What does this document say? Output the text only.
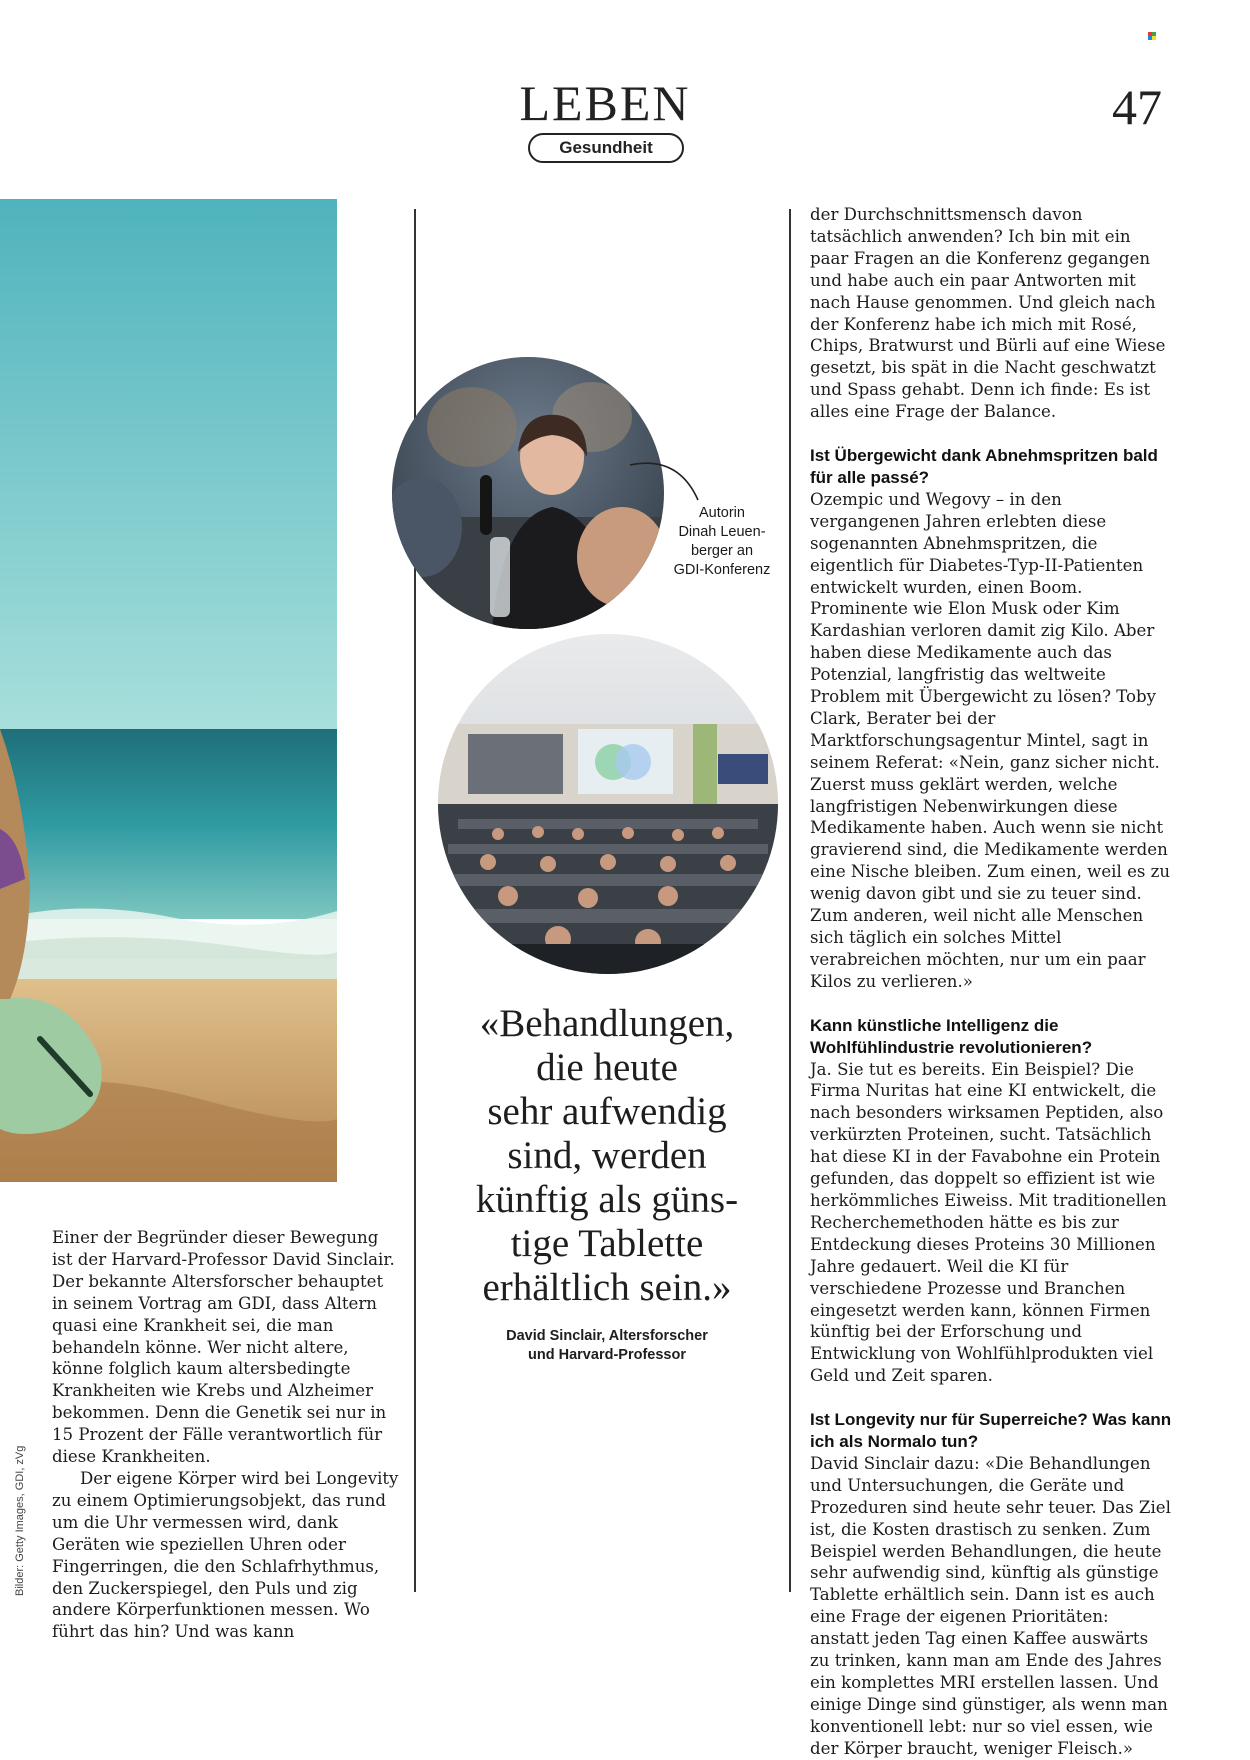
LEBEN
Gesundheit
47
Autorin
Dinah Leuen-
berger an
GDI-Konferenz
«Behandlungen,
die heute
sehr aufwendig
sind, werden
künftig als güns-
tige Tablette
erhältlich sein.»
David Sinclair, Altersforscher
und Harvard-Professor

Einer der Begründer dieser Bewegung ist der Harvard-Professor David Sinclair. Der bekannte Altersforscher behauptet in seinem Vortrag am GDI, dass Altern quasi eine Krankheit sei, die man behandeln könne. Wer nicht altere, könne folglich kaum altersbedingte Krankheiten wie Krebs und Alzheimer bekommen. Denn die Genetik sei nur in 15 Prozent der Fälle verantwortlich für diese Krankheiten.

Der eigene Körper wird bei Longevity zu einem Optimierungsobjekt, das rund um die Uhr vermessen wird, dank Geräten wie speziellen Uhren oder Fingerringen, die den Schlafrhythmus, den Zuckerspiegel, den Puls und zig andere Körperfunktionen messen. Wo führt das hin? Und was kann

Bilder: Getty Images, GDI, zVg

der Durchschnittsmensch davon tatsächlich anwenden? Ich bin mit ein paar Fragen an die Konferenz gegangen und habe auch ein paar Antworten mit nach Hause genommen. Und gleich nach der Konferenz habe ich mich mit Rosé, Chips, Bratwurst und Bürli auf eine Wiese gesetzt, bis spät in die Nacht geschwatzt und Spass gehabt. Denn ich finde: Es ist alles eine Frage der Balance.

Ist Übergewicht dank Abnehmspritzen bald für alle passé?

Ozempic und Wegovy – in den vergangenen Jahren erlebten diese sogenannten Abnehmspritzen, die eigentlich für Diabetes-Typ-II-Patienten entwickelt wurden, einen Boom. Prominente wie Elon Musk oder Kim Kardashian verloren damit zig Kilo. Aber haben diese Medikamente auch das Potenzial, langfristig das weltweite Problem mit Übergewicht zu lösen? Toby Clark, Berater bei der Marktforschungsagentur Mintel, sagt in seinem Referat: «Nein, ganz sicher nicht. Zuerst muss geklärt werden, welche langfristigen Nebenwirkungen diese Medikamente haben. Auch wenn sie nicht gravierend sind, die Medikamente werden eine Nische bleiben. Zum einen, weil es zu wenig davon gibt und sie zu teuer sind. Zum anderen, weil nicht alle Menschen sich täglich ein solches Mittel verabreichen möchten, nur um ein paar Kilos zu verlieren.»

Kann künstliche Intelligenz die Wohlfühlindustrie revolutionieren?

Ja. Sie tut es bereits. Ein Beispiel? Die Firma Nuritas hat eine KI entwickelt, die nach besonders wirksamen Peptiden, also verkürzten Proteinen, sucht. Tatsächlich hat diese KI in der Favabohne ein Protein gefunden, das doppelt so effizient ist wie herkömmliches Eiweiss. Mit traditionellen Recherchemethoden hätte es bis zur Entdeckung dieses Proteins 30 Millionen Jahre gedauert. Weil die KI für verschiedene Prozesse und Branchen eingesetzt werden kann, können Firmen künftig bei der Erforschung und Entwicklung von Wohlfühlprodukten viel Geld und Zeit sparen.

Ist Longevity nur für Superreiche? Was kann ich als Normalo tun?

David Sinclair dazu: «Die Behandlungen und Untersuchungen, die Geräte und Prozeduren sind heute sehr teuer. Das Ziel ist, die Kosten drastisch zu senken. Zum Beispiel werden Behandlungen, die heute sehr aufwendig sind, künftig als günstige Tablette erhältlich sein. Dann ist es auch eine Frage der eigenen Prioritäten: anstatt jeden Tag einen Kaffee auswärts zu trinken, kann man am Ende des Jahres ein komplettes MRI erstellen lassen. Und einige Dinge sind günstiger, als wenn man konventionell lebt: nur so viel essen, wie der Körper braucht, weniger Fleisch.»
